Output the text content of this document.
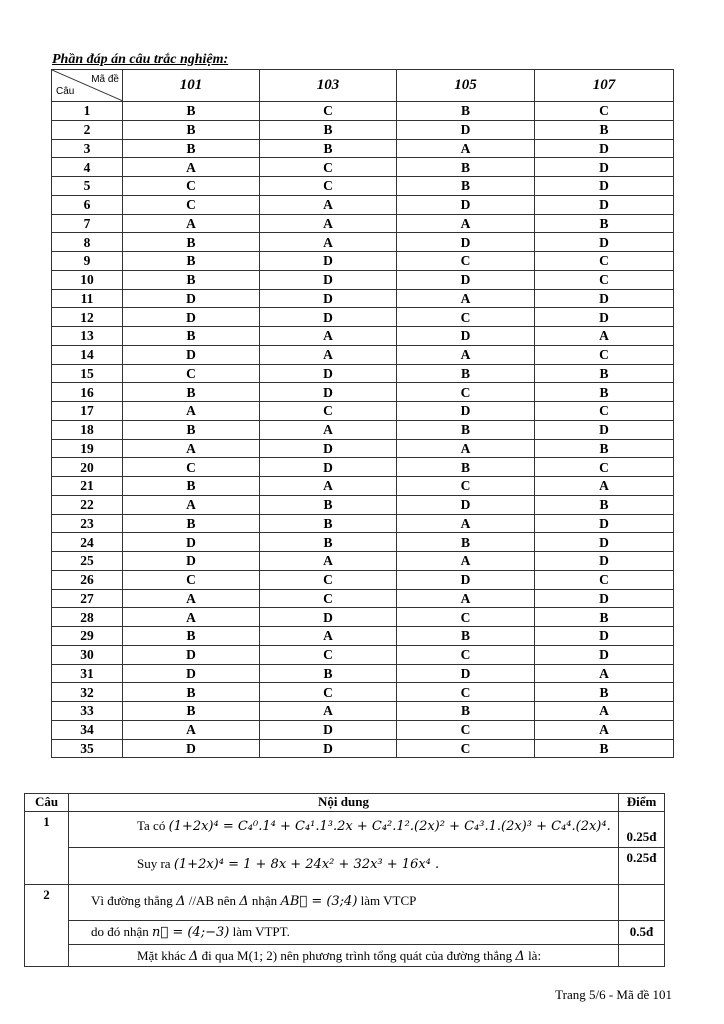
Phần đáp án câu trắc nghiệm:
Mã đề
Câu	101	103	105	107
1	B	C	B	C
2	B	B	D	B
3	B	B	A	D
4	A	C	B	D
5	C	C	B	D
6	C	A	D	D
7	A	A	A	B
8	B	A	D	D
9	B	D	C	C
10	B	D	D	C
11	D	D	A	D
12	D	D	C	D
13	B	A	D	A
14	D	A	A	C
15	C	D	B	B
16	B	D	C	B
17	A	C	D	C
18	B	A	B	D
19	A	D	A	B
20	C	D	B	C
21	B	A	C	A
22	A	B	D	B
23	B	B	A	D
24	D	B	B	D
25	D	A	A	D
26	C	C	D	C
27	A	C	A	D
28	A	D	C	B
29	B	A	B	D
30	D	C	C	D
31	D	B	D	A
32	B	C	C	B
33	B	A	B	A
34	A	D	C	A
35	D	D	C	B
Câu	Nội dung	Điểm
1	Ta có (1+2x)⁴ = C₄⁰.1⁴ + C₄¹.1³.2x + C₄².1².(2x)² + C₄³.1.(2x)³ + C₄⁴.(2x)⁴.	0.25đ
	Suy ra (1+2x)⁴ = 1 + 8x + 24x² + 32x³ + 16x⁴ .	0.25đ
2	Vì đường thẳng Δ //AB nên Δ nhận AB⃗ = (3;4) làm VTCP	
	do đó nhận n⃗ = (4;−3) làm VTPT.	0.5đ
	Mặt khác Δ đi qua M(1; 2) nên phương trình tổng quát của đường thẳng Δ là:	
Trang 5/6 - Mã đề 101
